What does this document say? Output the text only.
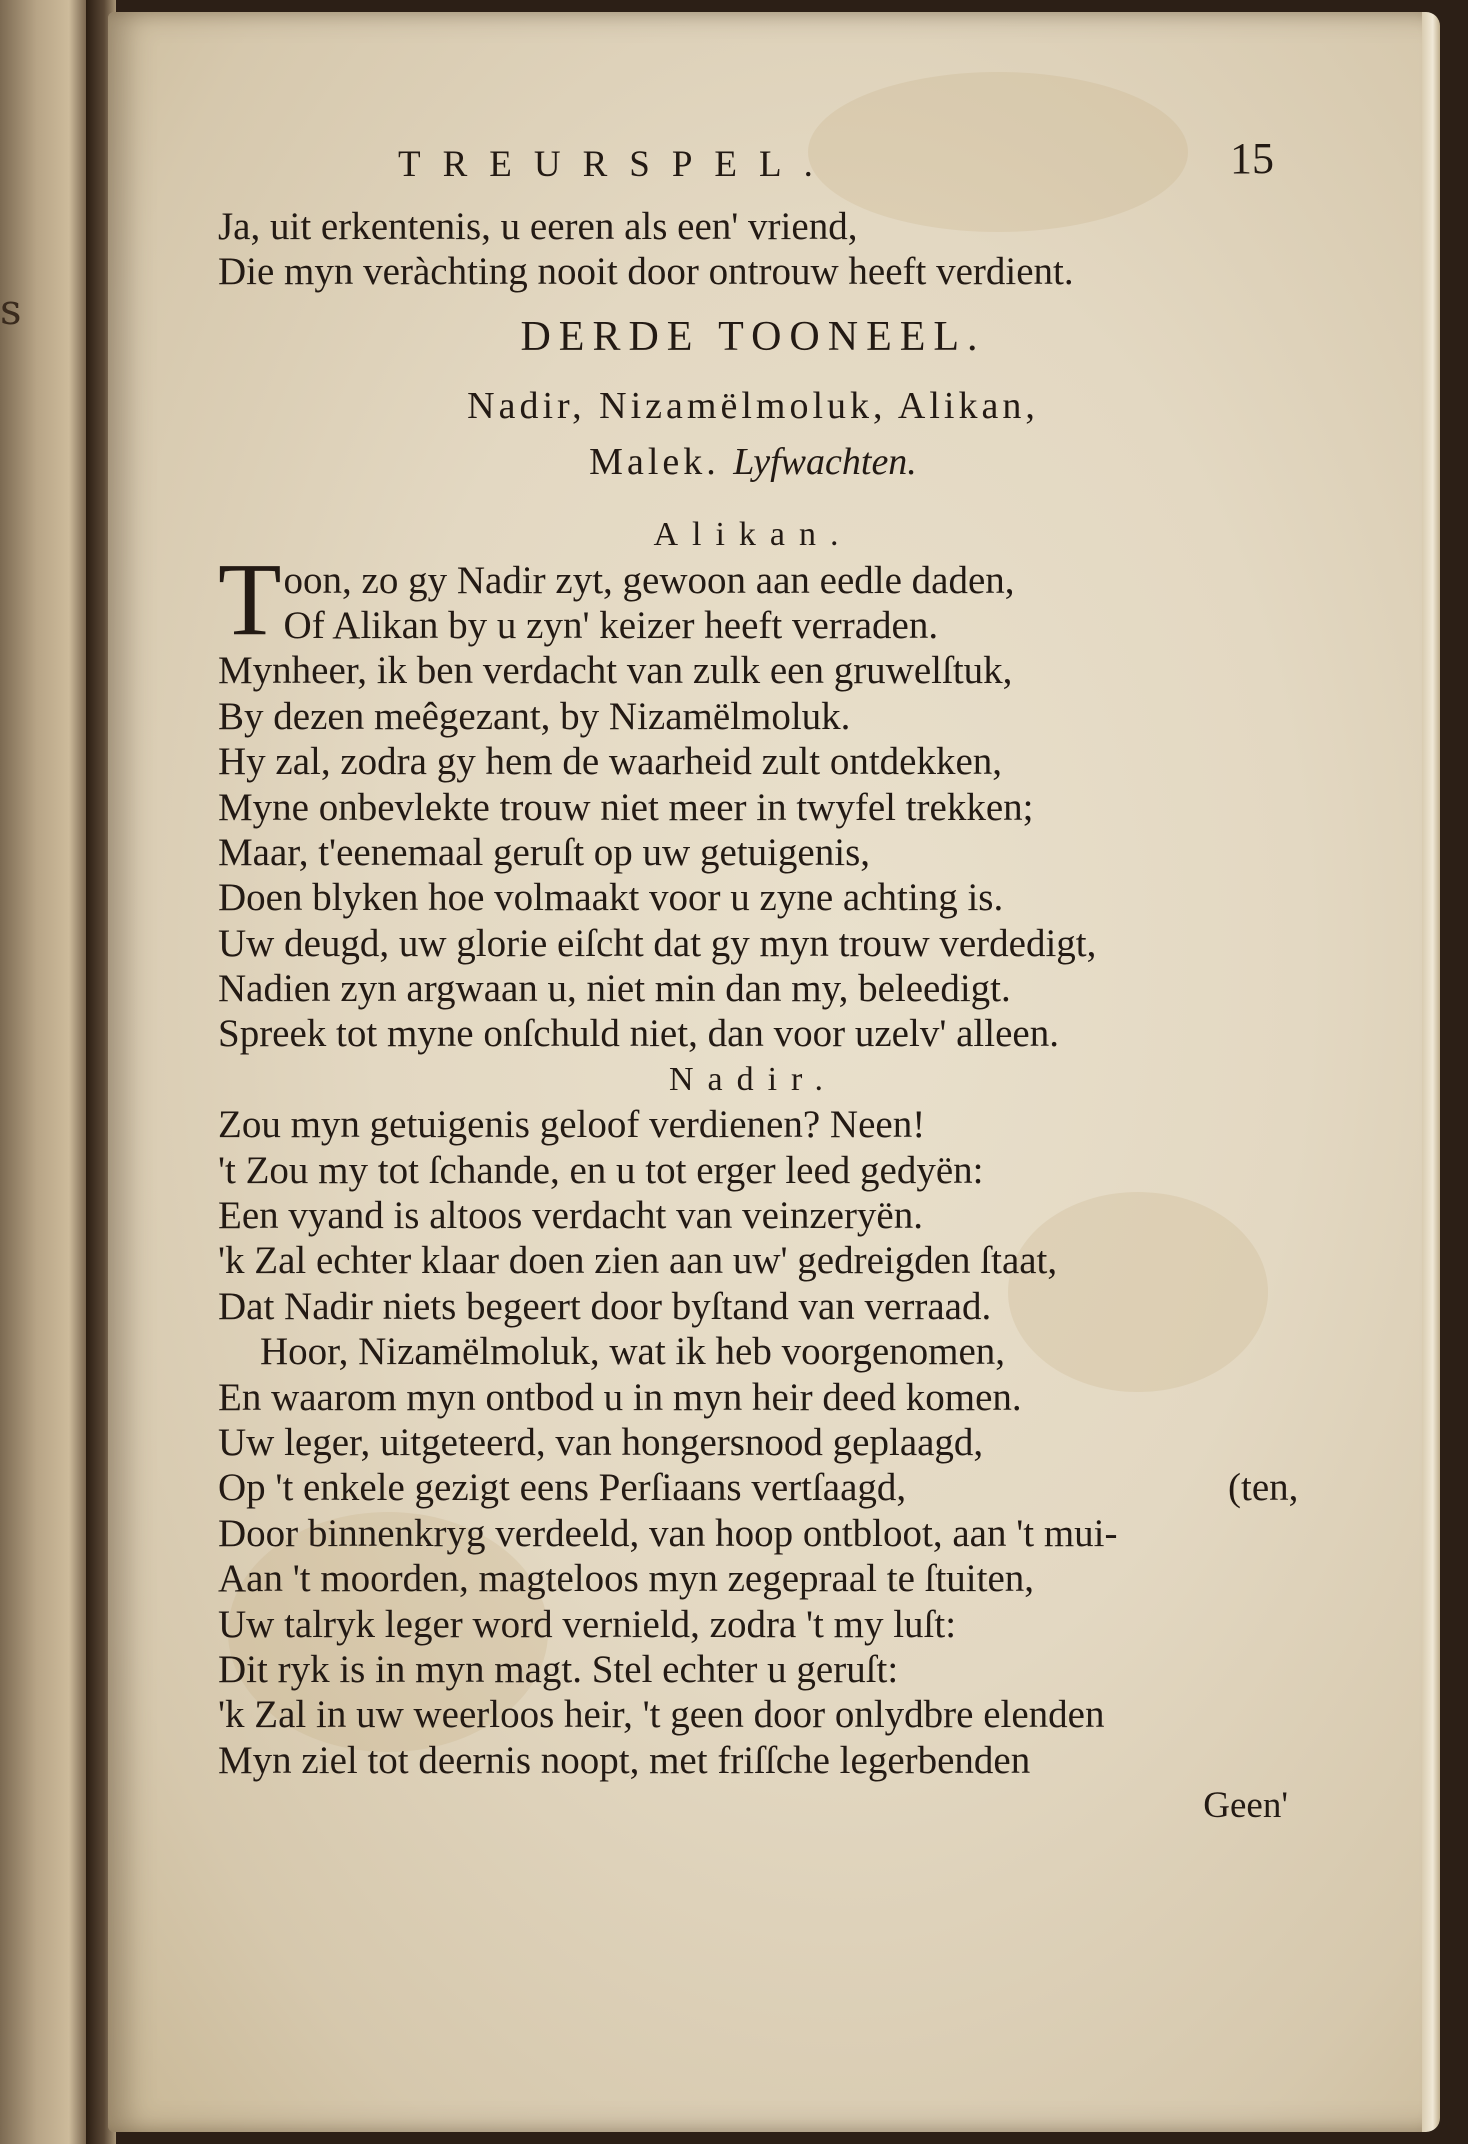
s
TREURSPEL.	15
Ja, uit erkentenis, u eeren als een' vriend,
Die myn veràchting nooit door ontrouw heeft verdient.
DERDE TOONEEL.
Nadir, Nizamëlmoluk, Alikan,
Malek. Lyfwachten.
Alikan.
T oon, zo gy Nadir zyt, gewoon aan eedle daden,
Of Alikan by u zyn' keizer heeft verraden.
Mynheer, ik ben verdacht van zulk een gruwelſtuk,
By dezen meêgezant, by Nizamëlmoluk.
Hy zal, zodra gy hem de waarheid zult ontdekken,
Myne onbevlekte trouw niet meer in twyfel trekken;
Maar, t'eenemaal geruſt op uw getuigenis,
Doen blyken hoe volmaakt voor u zyne achting is.
Uw deugd, uw glorie eiſcht dat gy myn trouw verdedigt,
Nadien zyn argwaan u, niet min dan my, beleedigt.
Spreek tot myne onſchuld niet, dan voor uzelv' alleen.
Nadir.
Zou myn getuigenis geloof verdienen? Neen!
't Zou my tot ſchande, en u tot erger leed gedyën:
Een vyand is altoos verdacht van veinzeryën.
'k Zal echter klaar doen zien aan uw' gedreigden ſtaat,
Dat Nadir niets begeert door byſtand van verraad.
Hoor, Nizamëlmoluk, wat ik heb voorgenomen,
En waarom myn ontbod u in myn heir deed komen.
Uw leger, uitgeteerd, van hongersnood geplaagd,
Op 't enkele gezigt eens Perſiaans vertſaagd,	(ten,
Door binnenkryg verdeeld, van hoop ontbloot, aan 't mui-
Aan 't moorden, magteloos myn zegepraal te ſtuiten,
Uw talryk leger word vernield, zodra 't my luſt:
Dit ryk is in myn magt. Stel echter u geruſt:
'k Zal in uw weerloos heir, 't geen door onlydbre elenden
Myn ziel tot deernis noopt, met friſſche legerbenden
Geen'
